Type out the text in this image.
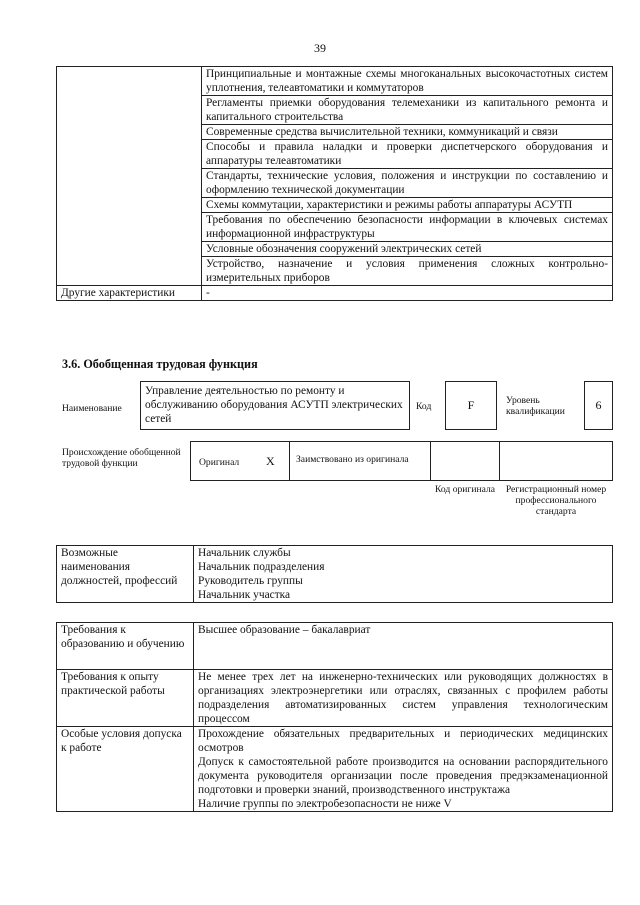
39
	Принципиальные и монтажные схемы многоканальных высокочастотных систем уплотнения, телеавтоматики и коммутаторов
	Регламенты приемки оборудования телемеханики из капитального ремонта и капитального строительства
	Современные средства вычислительной техники, коммуникаций и связи
	Способы и правила наладки и проверки диспетчерского оборудования и аппаратуры телеавтоматики
	Стандарты, технические условия, положения и инструкции по составлению и оформлению технической документации
	Схемы коммутации, характеристики и режимы работы аппаратуры АСУТП
	Требования по обеспечению безопасности информации в ключевых системах информационной инфраструктуры
	Условные обозначения сооружений электрических сетей
	Устройство, назначение и условия применения сложных контрольно-измерительных приборов
Другие характеристики	-
3.6. Обобщенная трудовая функция
Наименование
Управление деятельностью по ремонту и обслуживанию оборудования АСУТП электрических сетей
Код	F	Уровень квалификации	6
Происхождение обобщенной трудовой функции	Оригинал X	Заимствовано из оригинала
Код оригинала	Регистрационный номер профессионального стандарта
Возможные наименования должностей, профессий	Начальник службы
Начальник подразделения
Руководитель группы
Начальник участка
Требования к образованию и обучению	Высшее образование – бакалавриат
Требования к опыту практической работы	Не менее трех лет на инженерно-технических или руководящих должностях в организациях электроэнергетики или отраслях, связанных с профилем работы подразделения автоматизированных систем управления технологическим процессом
Особые условия допуска к работе	Прохождение обязательных предварительных и периодических медицинских осмотров
Допуск к самостоятельной работе производится на основании распорядительного документа руководителя организации после проведения предэкзаменационной подготовки и проверки знаний, производственного инструктажа
Наличие группы по электробезопасности не ниже V
